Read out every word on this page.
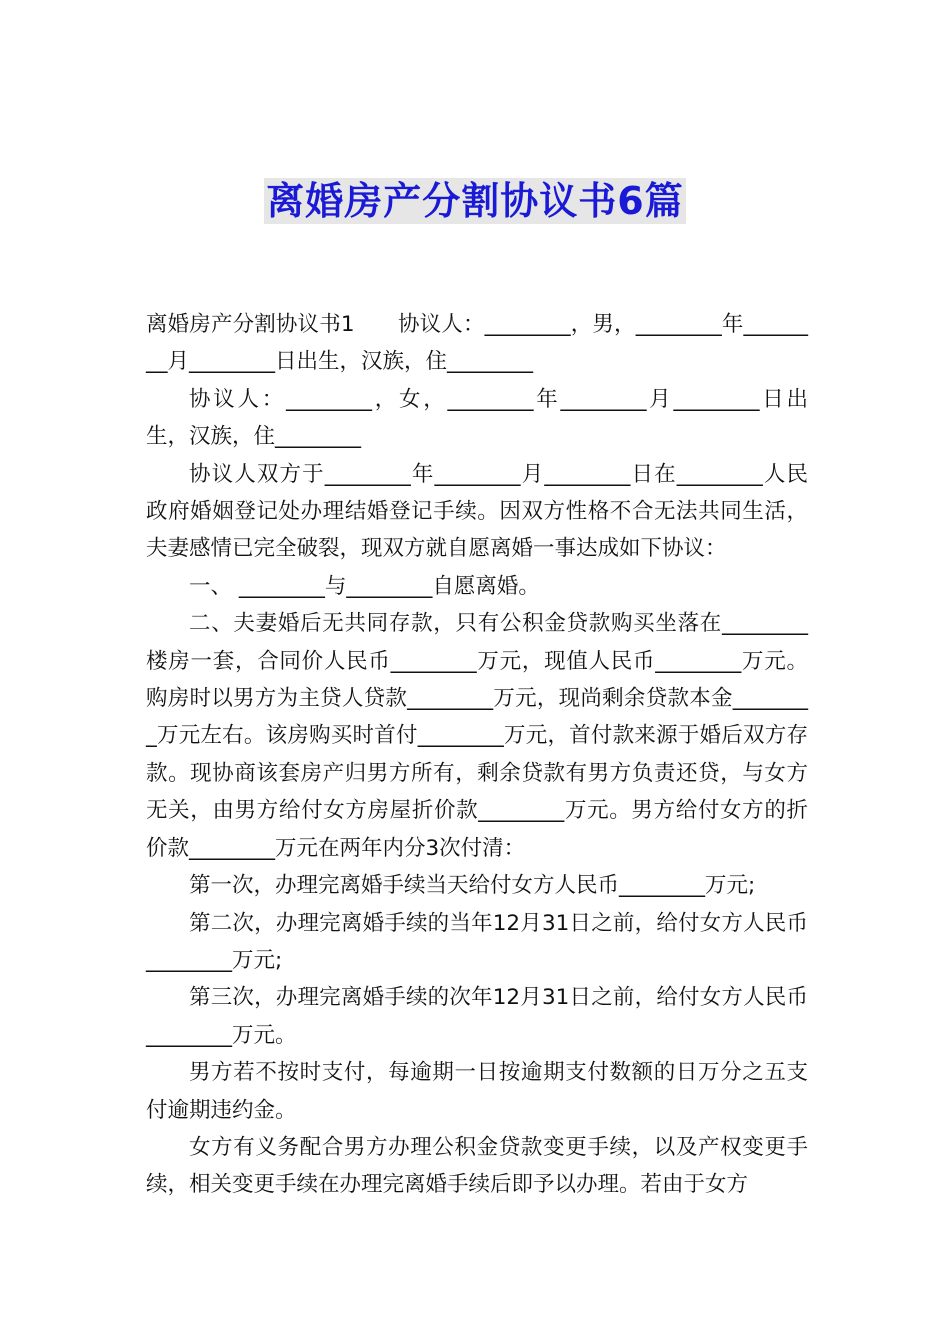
离婚房产分割协议书6篇

离婚房产分割协议书1　　协议人：________，男，________年________月________日出生，汉族，住________

协议人：________，女，________年________月________日出生，汉族，住________

协议人双方于________年________月________日在________人民政府婚姻登记处办理结婚登记手续。因双方性格不合无法共同生活，夫妻感情已完全破裂，现双方就自愿离婚一事达成如下协议：

一、 ________与________自愿离婚。

二、夫妻婚后无共同存款，只有公积金贷款购买坐落在________楼房一套，合同价人民币________万元，现值人民币________万元。购房时以男方为主贷人贷款________万元，现尚剩余贷款本金________万元左右。该房购买时首付________万元，首付款来源于婚后双方存款。现协商该套房产归男方所有，剩余贷款有男方负责还贷，与女方无关，由男方给付女方房屋折价款________万元。男方给付女方的折价款________万元在两年内分3次付清：

第一次，办理完离婚手续当天给付女方人民币________万元;

第二次，办理完离婚手续的当年12月31日之前，给付女方人民币________万元;

第三次，办理完离婚手续的次年12月31日之前，给付女方人民币________万元。

男方若不按时支付，每逾期一日按逾期支付数额的日万分之五支付逾期违约金。

女方有义务配合男方办理公积金贷款变更手续，以及产权变更手续，相关变更手续在办理完离婚手续后即予以办理。若由于女方
